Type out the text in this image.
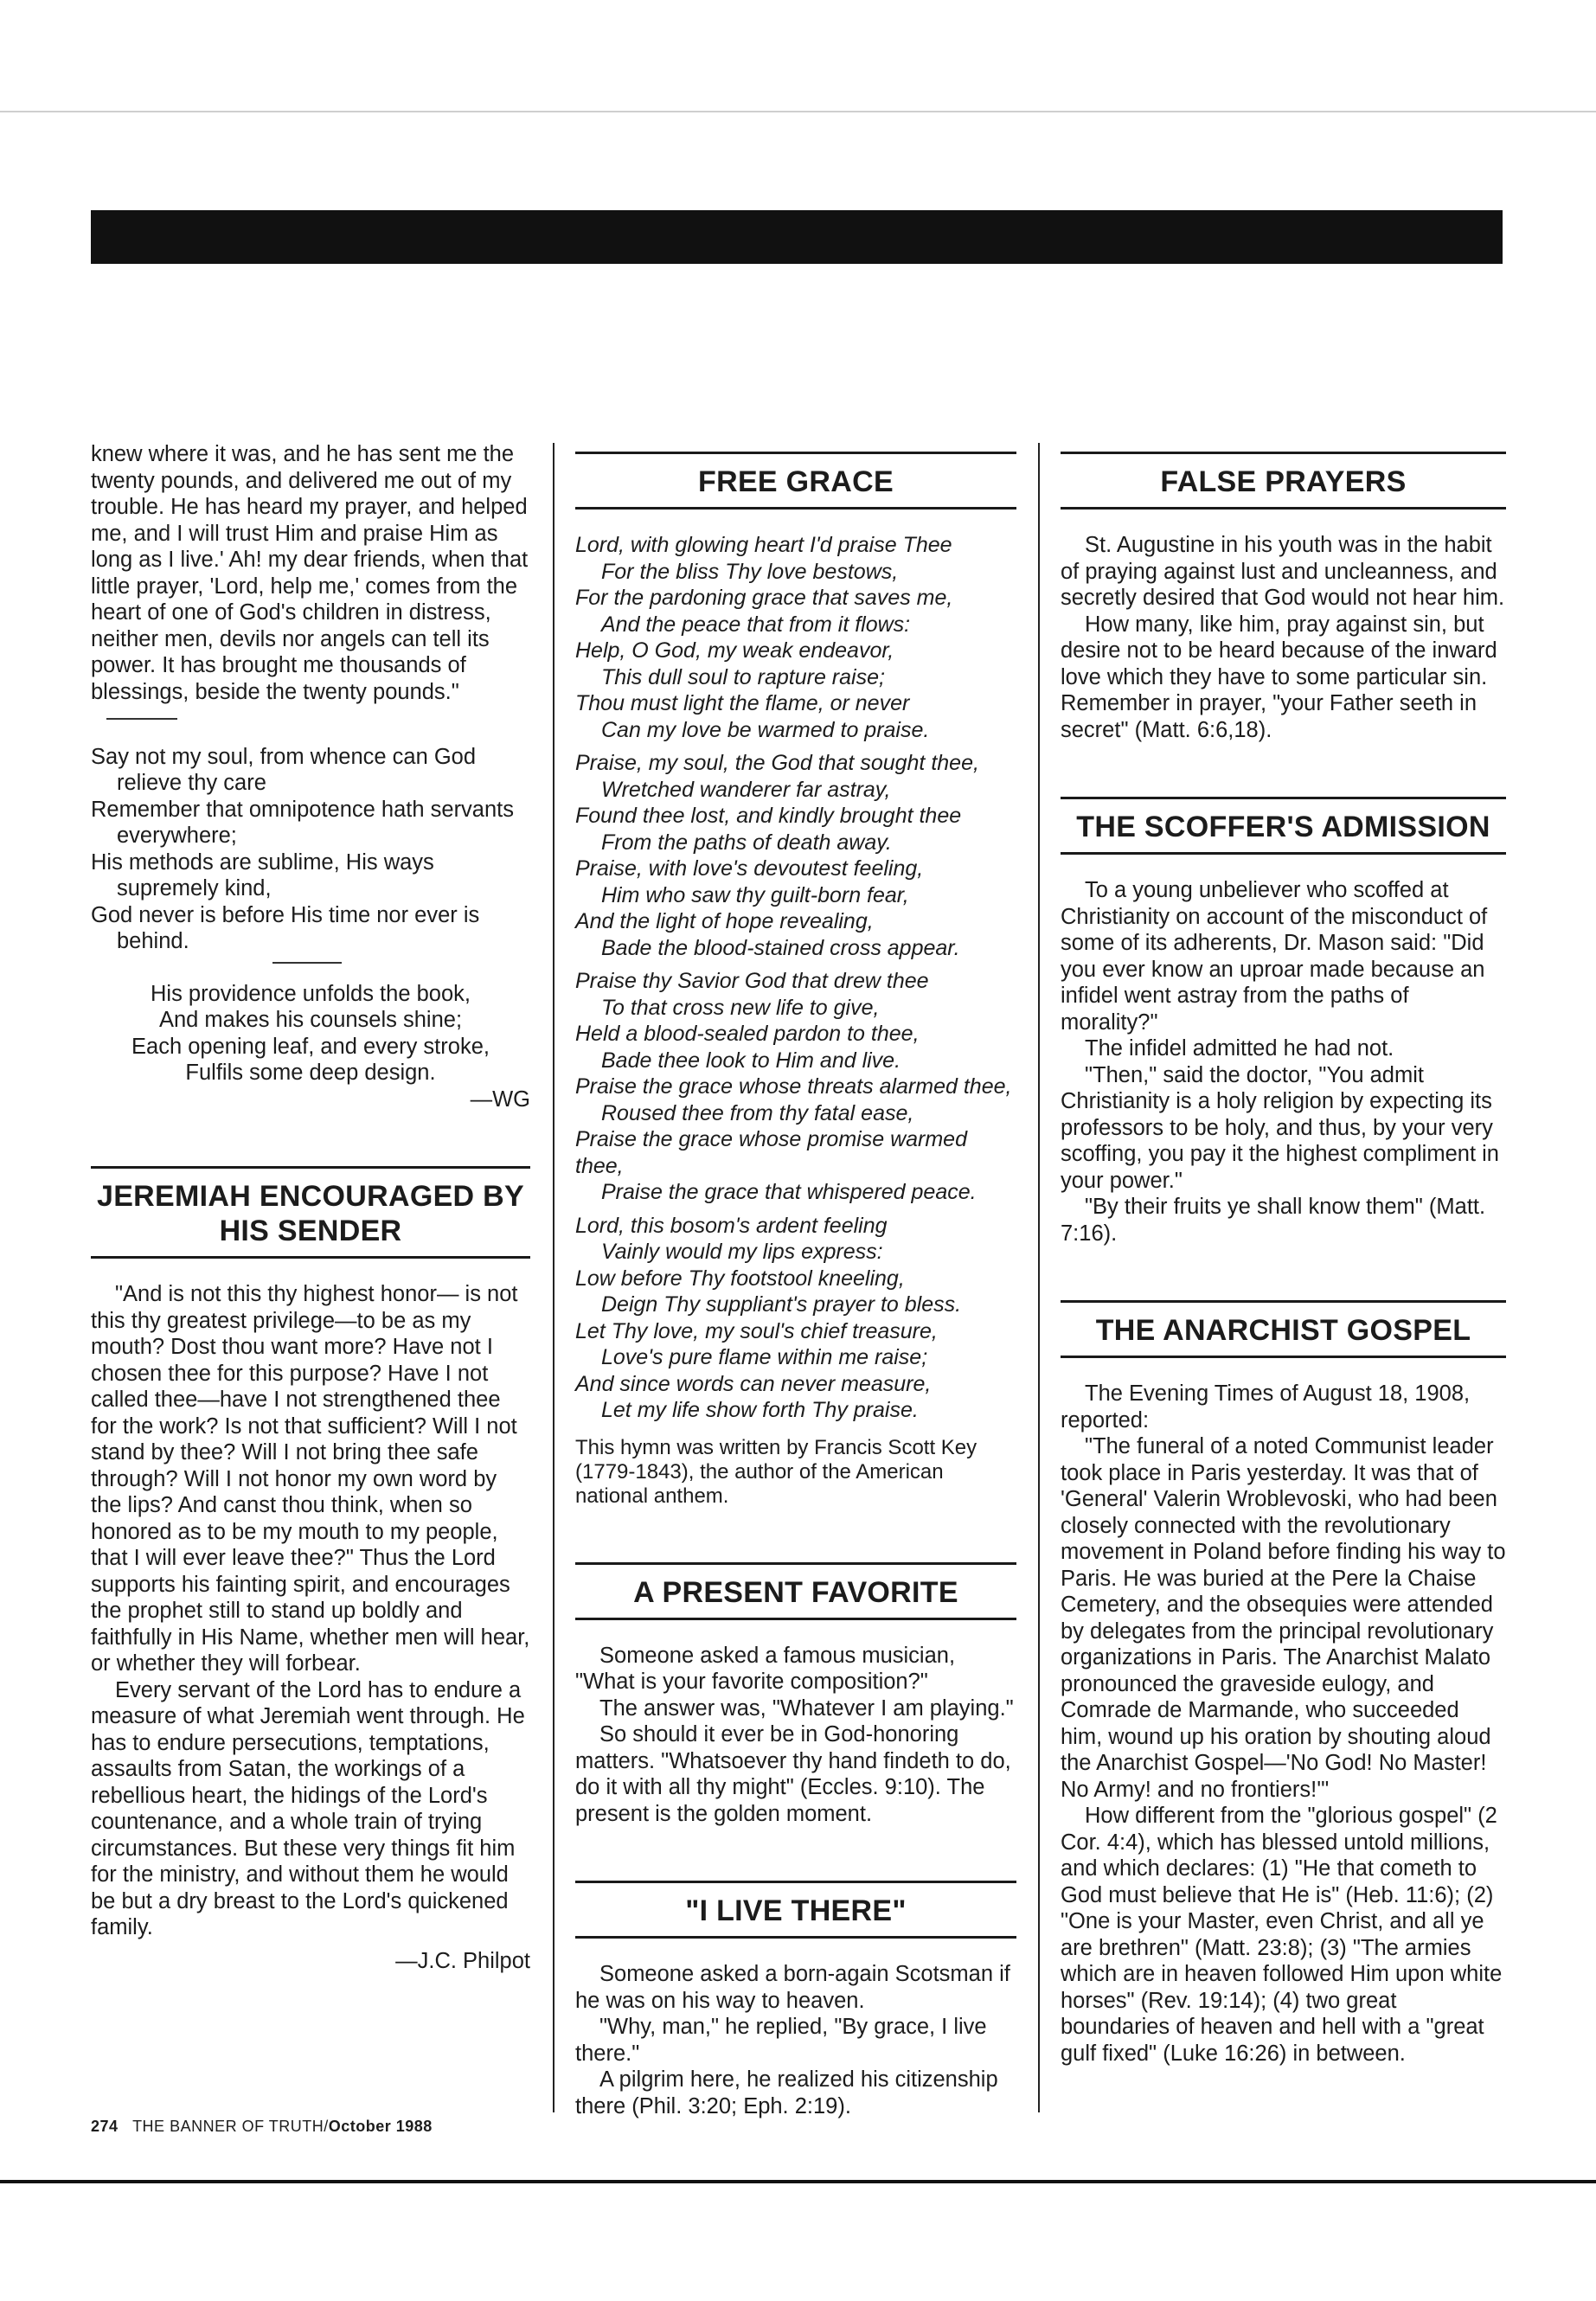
knew where it was, and he has sent me the twenty pounds, and delivered me out of my trouble. He has heard my prayer, and helped me, and I will trust Him and praise Him as long as I live.' Ah! my dear friends, when that little prayer, 'Lord, help me,' comes from the heart of one of God's children in distress, neither men, devils nor angels can tell its power. It has brought me thousands of blessings, beside the twenty pounds."

Say not my soul, from whence can God relieve thy care

Remember that omnipotence hath servants everywhere;

His methods are sublime, His ways supremely kind,

God never is before His time nor ever is behind.

His providence unfolds the book,

And makes his counsels shine;

Each opening leaf, and every stroke,

Fulfils some deep design.

—WG

JEREMIAH ENCOURAGED BY HIS SENDER

"And is not this thy highest honor— is not this thy greatest privilege—to be as my mouth? Dost thou want more? Have not I chosen thee for this purpose? Have I not called thee—have I not strengthened thee for the work? Is not that sufficient? Will I not stand by thee? Will I not bring thee safe through? Will I not honor my own word by the lips? And canst thou think, when so honored as to be my mouth to my people, that I will ever leave thee?" Thus the Lord supports his fainting spirit, and encourages the prophet still to stand up boldly and faithfully in His Name, whether men will hear, or whether they will forbear.

Every servant of the Lord has to endure a measure of what Jeremiah went through. He has to endure persecutions, temptations, assaults from Satan, the workings of a rebellious heart, the hidings of the Lord's countenance, and a whole train of trying circumstances. But these very things fit him for the ministry, and without them he would be but a dry breast to the Lord's quickened family.

—J.C. Philpot

FREE GRACE

Lord, with glowing heart I'd praise Thee

For the bliss Thy love bestows,

For the pardoning grace that saves me,

And the peace that from it flows:

Help, O God, my weak endeavor,

This dull soul to rapture raise;

Thou must light the flame, or never

Can my love be warmed to praise.

Praise, my soul, the God that sought thee,

Wretched wanderer far astray,

Found thee lost, and kindly brought thee

From the paths of death away.

Praise, with love's devoutest feeling,

Him who saw thy guilt-born fear,

And the light of hope revealing,

Bade the blood-stained cross appear.

Praise thy Savior God that drew thee

To that cross new life to give,

Held a blood-sealed pardon to thee,

Bade thee look to Him and live.

Praise the grace whose threats alarmed thee,

Roused thee from thy fatal ease,

Praise the grace whose promise warmed thee,

Praise the grace that whispered peace.

Lord, this bosom's ardent feeling

Vainly would my lips express:

Low before Thy footstool kneeling,

Deign Thy suppliant's prayer to bless.

Let Thy love, my soul's chief treasure,

Love's pure flame within me raise;

And since words can never measure,

Let my life show forth Thy praise.

This hymn was written by Francis Scott Key (1779-1843), the author of the American national anthem.

A PRESENT FAVORITE

Someone asked a famous musician, "What is your favorite composition?"

The answer was, "Whatever I am playing."

So should it ever be in God-honoring matters. "Whatsoever thy hand findeth to do, do it with all thy might" (Eccles. 9:10). The present is the golden moment.

"I LIVE THERE"

Someone asked a born-again Scotsman if he was on his way to heaven.

"Why, man," he replied, "By grace, I live there."

A pilgrim here, he realized his citizenship there (Phil. 3:20; Eph. 2:19).

FALSE PRAYERS

St. Augustine in his youth was in the habit of praying against lust and uncleanness, and secretly desired that God would not hear him.

How many, like him, pray against sin, but desire not to be heard because of the inward love which they have to some particular sin. Remember in prayer, "your Father seeth in secret" (Matt. 6:6,18).

THE SCOFFER'S ADMISSION

To a young unbeliever who scoffed at Christianity on account of the misconduct of some of its adherents, Dr. Mason said: "Did you ever know an uproar made because an infidel went astray from the paths of morality?"

The infidel admitted he had not.

"Then," said the doctor, "You admit Christianity is a holy religion by expecting its professors to be holy, and thus, by your very scoffing, you pay it the highest compliment in your power."

"By their fruits ye shall know them" (Matt. 7:16).

THE ANARCHIST GOSPEL

The Evening Times of August 18, 1908, reported:

"The funeral of a noted Communist leader took place in Paris yesterday. It was that of 'General' Valerin Wroblevoski, who had been closely connected with the revolutionary movement in Poland before finding his way to Paris. He was buried at the Pere la Chaise Cemetery, and the obsequies were attended by delegates from the principal revolutionary organizations in Paris. The Anarchist Malato pronounced the graveside eulogy, and Comrade de Marmande, who succeeded him, wound up his oration by shouting aloud the Anarchist Gospel—'No God! No Master! No Army! and no frontiers!'"

How different from the "glorious gospel" (2 Cor. 4:4), which has blessed untold millions, and which declares: (1) "He that cometh to God must believe that He is" (Heb. 11:6); (2) "One is your Master, even Christ, and all ye are brethren" (Matt. 23:8); (3) "The armies which are in heaven followed Him upon white horses" (Rev. 19:14); (4) two great boundaries of heaven and hell with a "great gulf fixed" (Luke 16:26) in between.

274 THE BANNER OF TRUTH/October 1988
